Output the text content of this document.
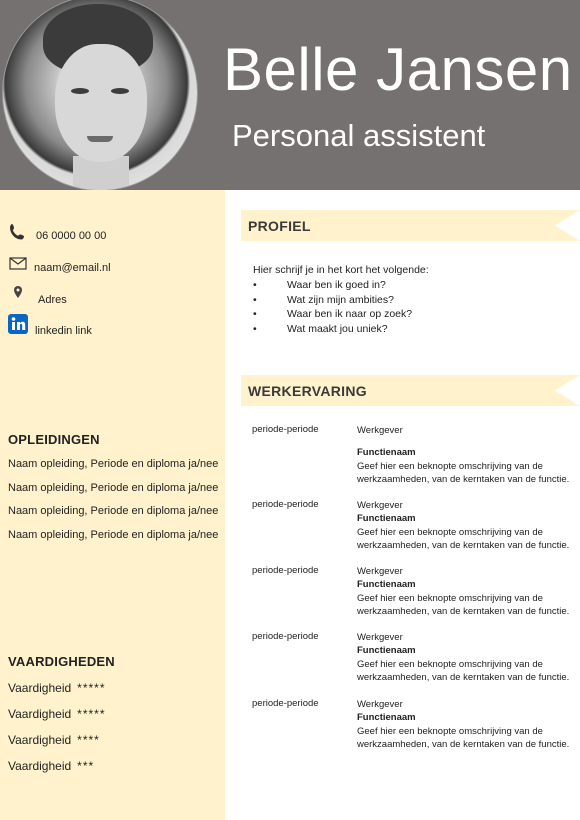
Belle Jansen
Personal assistent
06 0000 00 00
naam@email.nl
Adres
linkedin link
OPLEIDINGEN
Naam opleiding, Periode en diploma ja/nee
Naam opleiding, Periode en diploma ja/nee
Naam opleiding, Periode en diploma ja/nee
Naam opleiding, Periode en diploma ja/nee
VAARDIGHEDEN
Vaardigheid *****
Vaardigheid *****
Vaardigheid ****
Vaardigheid ***
PROFIEL
Hier schrijf je in het kort het volgende:
• Waar ben ik goed in?
• Wat zijn mijn ambities?
• Waar ben ik naar op zoek?
• Wat maakt jou uniek?
WERKERVARING
periode-periode	Werkgever
Functienaam
Geef hier een beknopte omschrijving van de werkzaamheden, van de kerntaken van de functie.
periode-periode	Werkgever
Functienaam
Geef hier een beknopte omschrijving van de werkzaamheden, van de kerntaken van de functie.
periode-periode	Werkgever
Functienaam
Geef hier een beknopte omschrijving van de werkzaamheden, van de kerntaken van de functie.
periode-periode	Werkgever
Functienaam
Geef hier een beknopte omschrijving van de werkzaamheden, van de kerntaken van de functie.
periode-periode	Werkgever
Functienaam
Geef hier een beknopte omschrijving van de werkzaamheden, van de kerntaken van de functie.
